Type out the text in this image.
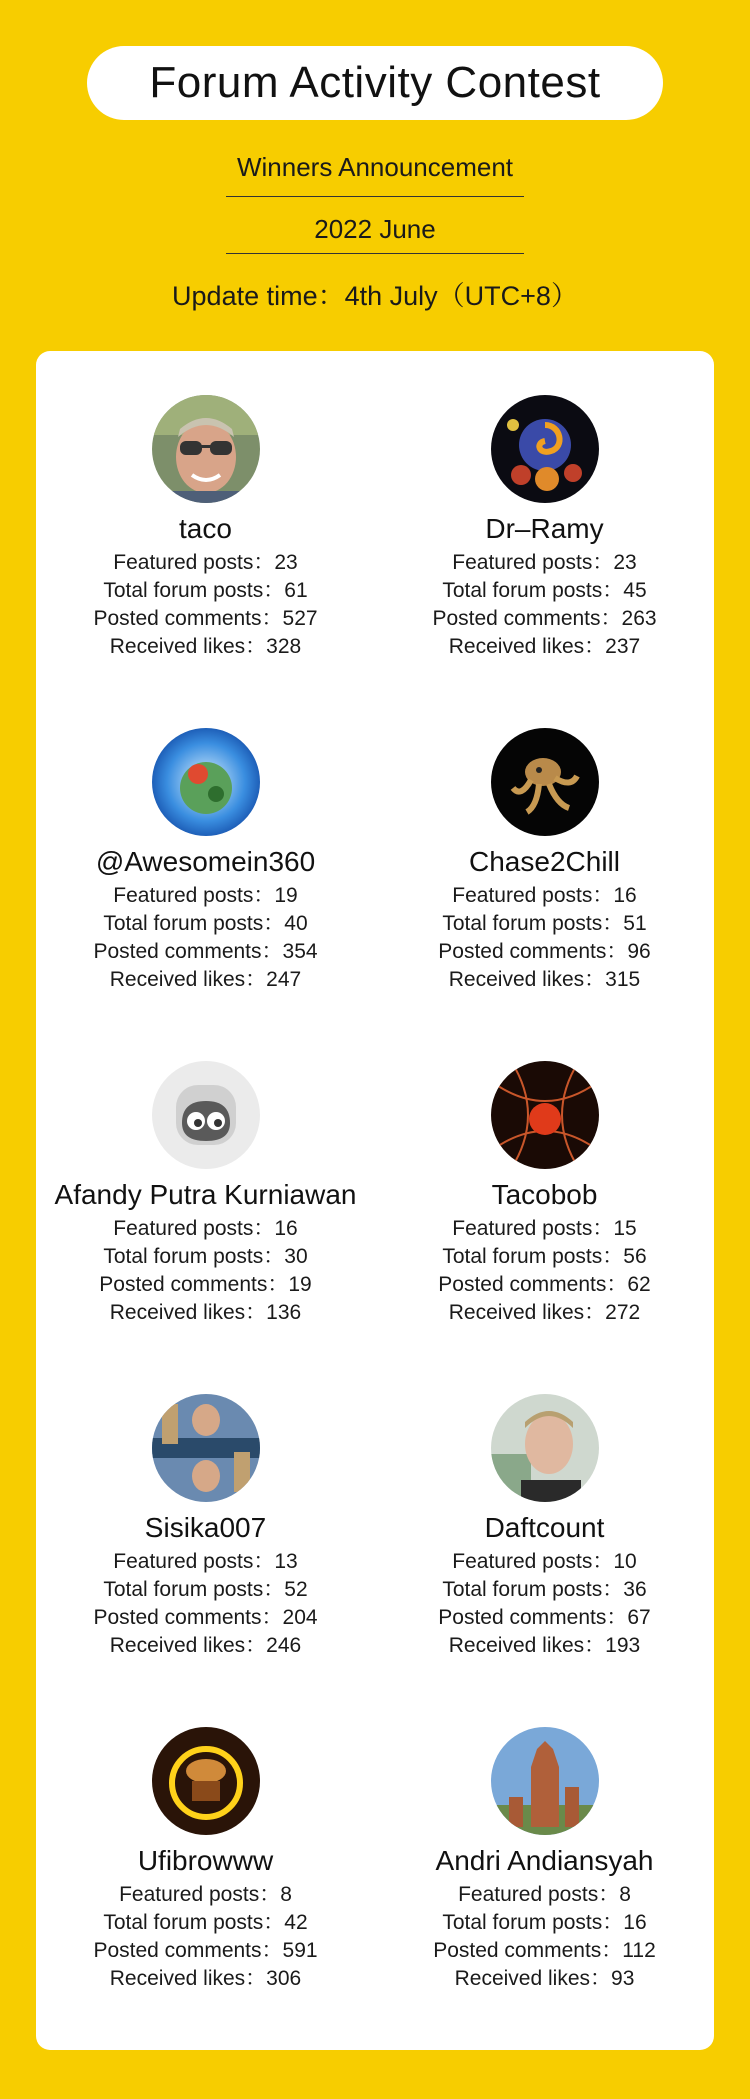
Forum Activity Contest
Winners Announcement
2022 June
Update time：4th July（UTC+8）
taco
Featured posts：23
Total forum posts：61
Posted comments：527
Received likes：328
Dr–Ramy
Featured posts：23
Total forum posts：45
Posted comments：263
Received likes：237
@Awesomein360
Featured posts：19
Total forum posts：40
Posted comments：354
Received likes：247
Chase2Chill
Featured posts：16
Total forum posts：51
Posted comments：96
Received likes：315
Afandy Putra Kurniawan
Featured posts：16
Total forum posts：30
Posted comments：19
Received likes：136
Tacobob
Featured posts：15
Total forum posts：56
Posted comments：62
Received likes：272
Sisika007
Featured posts：13
Total forum posts：52
Posted comments：204
Received likes：246
Daftcount
Featured posts：10
Total forum posts：36
Posted comments：67
Received likes：193
Ufibrowww
Featured posts：8
Total forum posts：42
Posted comments：591
Received likes：306
Andri Andiansyah
Featured posts：8
Total forum posts：16
Posted comments：112
Received likes：93
